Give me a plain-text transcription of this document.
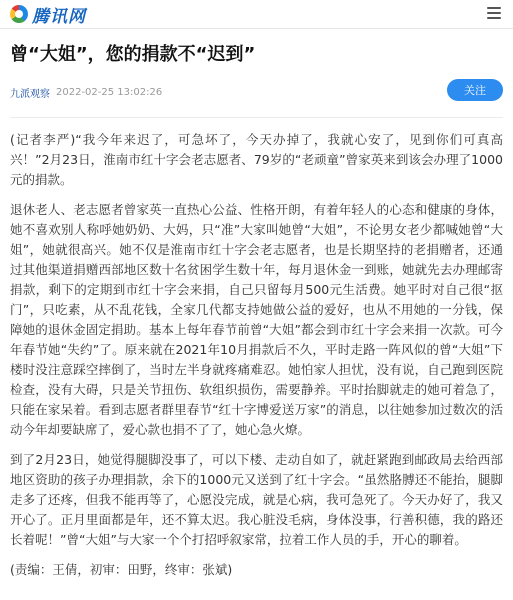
腾讯网
曾“大姐”，您的捐款不“迟到”
九派观察 2022-02-25 13:02:26	关注

(记者李严)“我今年来迟了，可急坏了，今天办掉了，我就心安了，见到你们可真高兴！”2月23日，淮南市红十字会老志愿者、79岁的“老顽童”曾家英来到该会办理了1000元的捐款。

退休老人、老志愿者曾家英一直热心公益、性格开朗，有着年轻人的心态和健康的身体，她不喜欢别人称呼她奶奶、大妈，只“准”大家叫她曾“大姐”，不论男女老少都喊她曾“大姐”，她就很高兴。她不仅是淮南市红十字会老志愿者，也是长期坚持的老捐赠者，还通过其他渠道捐赠西部地区数十名贫困学生数十年，每月退休金一到账，她就先去办理邮寄捐款，剩下的定期到市红十字会来捐，自己只留每月500元生活费。她平时对自己很“抠门”，只吃素，从不乱花钱，全家几代都支持她做公益的爱好，也从不用她的一分钱，保障她的退休金固定捐助。基本上每年春节前曾“大姐”都会到市红十字会来捐一次款。可今年春节她“失约”了。原来就在2021年10月捐款后不久，平时走路一阵风似的曾“大姐”下楼时没注意踩空摔倒了，当时左半身就疼痛难忍。她怕家人担忧，没有说，自己跑到医院检查，没有大碍，只是关节扭伤、软组织损伤，需要静养。平时抬脚就走的她可着急了，只能在家呆着。看到志愿者群里春节“红十字博爱送万家”的消息，以往她参加过数次的活动今年却要缺席了，爱心款也捐不了了，她心急火燎。

到了2月23日，她觉得腿脚没事了，可以下楼、走动自如了，就赶紧跑到邮政局去给西部地区资助的孩子办理捐款，余下的1000元又送到了红十字会。“虽然胳膊还不能抬，腿脚走多了还疼，但我不能再等了，心愿没完成，就是心病，我可急死了。今天办好了，我又开心了。正月里面都是年，还不算太迟。我心脏没毛病，身体没事，行善积德，我的路还长着呢！”曾“大姐”与大家一个个打招呼叙家常，拉着工作人员的手，开心的聊着。

(责编：王倩，初审：田野，终审：张斌)
